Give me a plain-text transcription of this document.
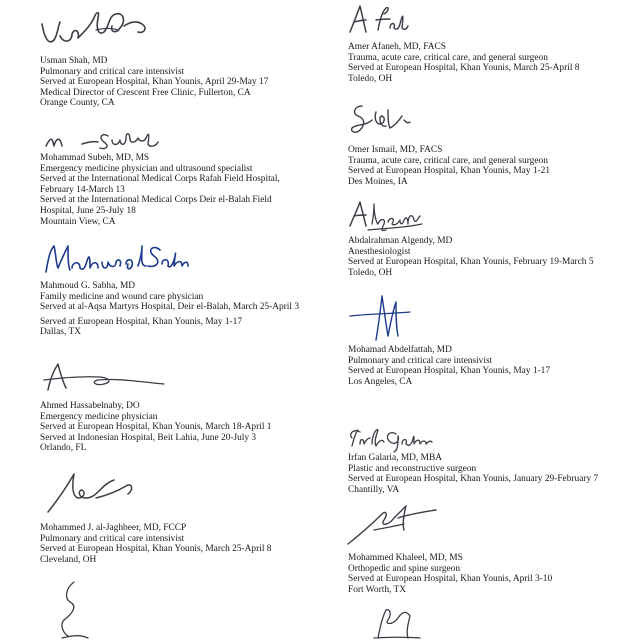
Usman Shah, MD
Pulmonary and critical care intensivist
Served at European Hospital, Khan Younis, April 29-May 17
Medical Director of Crescent Free Clinic, Fullerton, CA
Orange County, CA
Mohammad Subeh, MD, MS
Emergency medicine physician and ultrasound specialist
Served at the International Medical Corps Rafah Field Hospital,
February 14-March 13
Served at the International Medical Corps Deir el-Balah Field
Hospital, June 25-July 18
Mountain View, CA
Mahmoud G. Sabha, MD
Family medicine and wound care physician
Served at al-Aqsa Martyrs Hospital, Deir el-Balah, March 25-April 3
Served at European Hospital, Khan Younis, May 1-17
Dallas, TX
Ahmed Hassabelnaby, DO
Emergency medicine physician
Served at European Hospital, Khan Younis, March 18-April 1
Served at Indonesian Hospital, Beit Lahia, June 20-July 3
Orlando, FL
Mohammed J. al-Jaghbeer, MD, FCCP
Pulmonary and critical care intensivist
Served at European Hospital, Khan Younis, March 25-April 8
Cleveland, OH
Amer Afaneh, MD, FACS
Trauma, acute care, critical care, and general surgeon
Served at European Hospital, Khan Younis, March 25-April 8
Toledo, OH
Omer Ismail, MD, FACS
Trauma, acute care, critical care, and general surgeon
Served at European Hospital, Khan Younis, May 1-21
Des Moines, IA
Abdalrahman Algendy, MD
Anesthesiologist
Served at European Hospital, Khan Younis, February 19-March 5
Toledo, OH
Mohamad Abdelfattah, MD
Pulmonary and critical care intensivist
Served at European Hospital, Khan Younis, May 1-17
Los Angeles, CA
Irfan Galaria, MD, MBA
Plastic and reconstructive surgeon
Served at European Hospital, Khan Younis, January 29-February 7
Chantilly, VA
Mohammed Khaleel, MD, MS
Orthopedic and spine surgeon
Served at European Hospital, Khan Younis, April 3-10
Fort Worth, TX
